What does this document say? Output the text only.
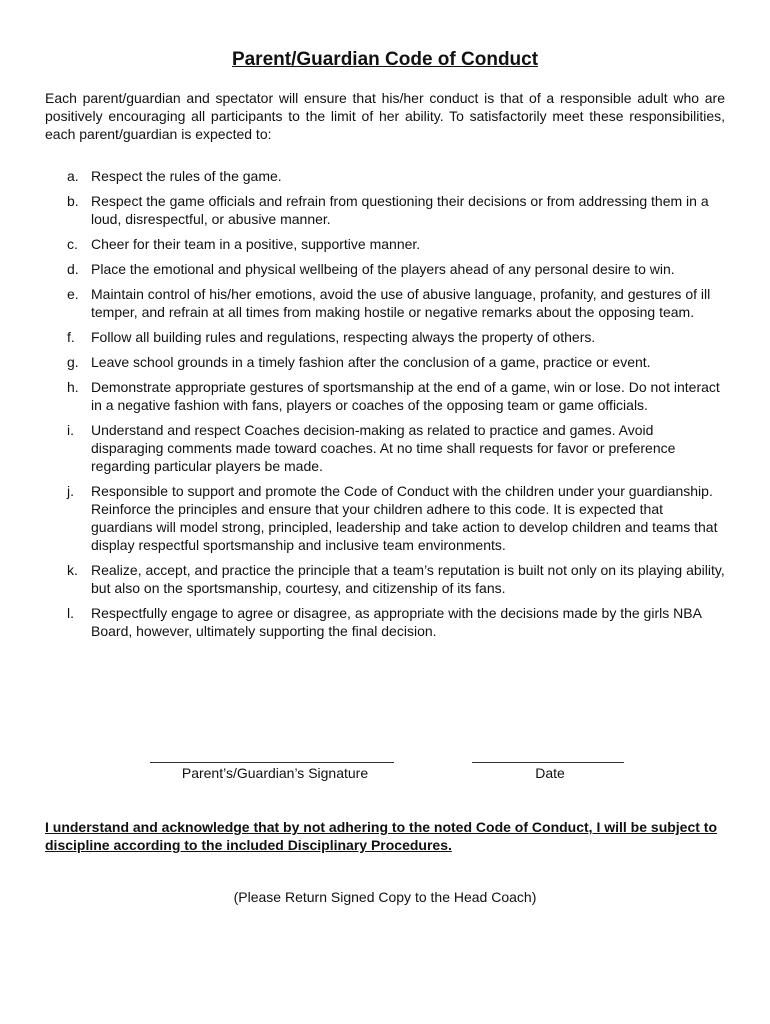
Parent/Guardian Code of Conduct
Each parent/guardian and spectator will ensure that his/her conduct is that of a responsible adult who are positively encouraging all participants to the limit of her ability. To satisfactorily meet these responsibilities, each parent/guardian is expected to:
a. Respect the rules of the game.
b. Respect the game officials and refrain from questioning their decisions or from addressing them in a loud, disrespectful, or abusive manner.
c. Cheer for their team in a positive, supportive manner.
d. Place the emotional and physical wellbeing of the players ahead of any personal desire to win.
e. Maintain control of his/her emotions, avoid the use of abusive language, profanity, and gestures of ill temper, and refrain at all times from making hostile or negative remarks about the opposing team.
f. Follow all building rules and regulations, respecting always the property of others.
g. Leave school grounds in a timely fashion after the conclusion of a game, practice or event.
h. Demonstrate appropriate gestures of sportsmanship at the end of a game, win or lose. Do not interact in a negative fashion with fans, players or coaches of the opposing team or game officials.
i. Understand and respect Coaches decision-making as related to practice and games. Avoid disparaging comments made toward coaches. At no time shall requests for favor or preference regarding particular players be made.
j. Responsible to support and promote the Code of Conduct with the children under your guardianship. Reinforce the principles and ensure that your children adhere to this code. It is expected that guardians will model strong, principled, leadership and take action to develop children and teams that display respectful sportsmanship and inclusive team environments.
k. Realize, accept, and practice the principle that a team’s reputation is built not only on its playing ability, but also on the sportsmanship, courtesy, and citizenship of its fans.
l. Respectfully engage to agree or disagree, as appropriate with the decisions made by the girls NBA Board, however, ultimately supporting the final decision.
Parent’s/Guardian’s Signature	Date
I understand and acknowledge that by not adhering to the noted Code of Conduct, I will be subject to discipline according to the included Disciplinary Procedures.
(Please Return Signed Copy to the Head Coach)
